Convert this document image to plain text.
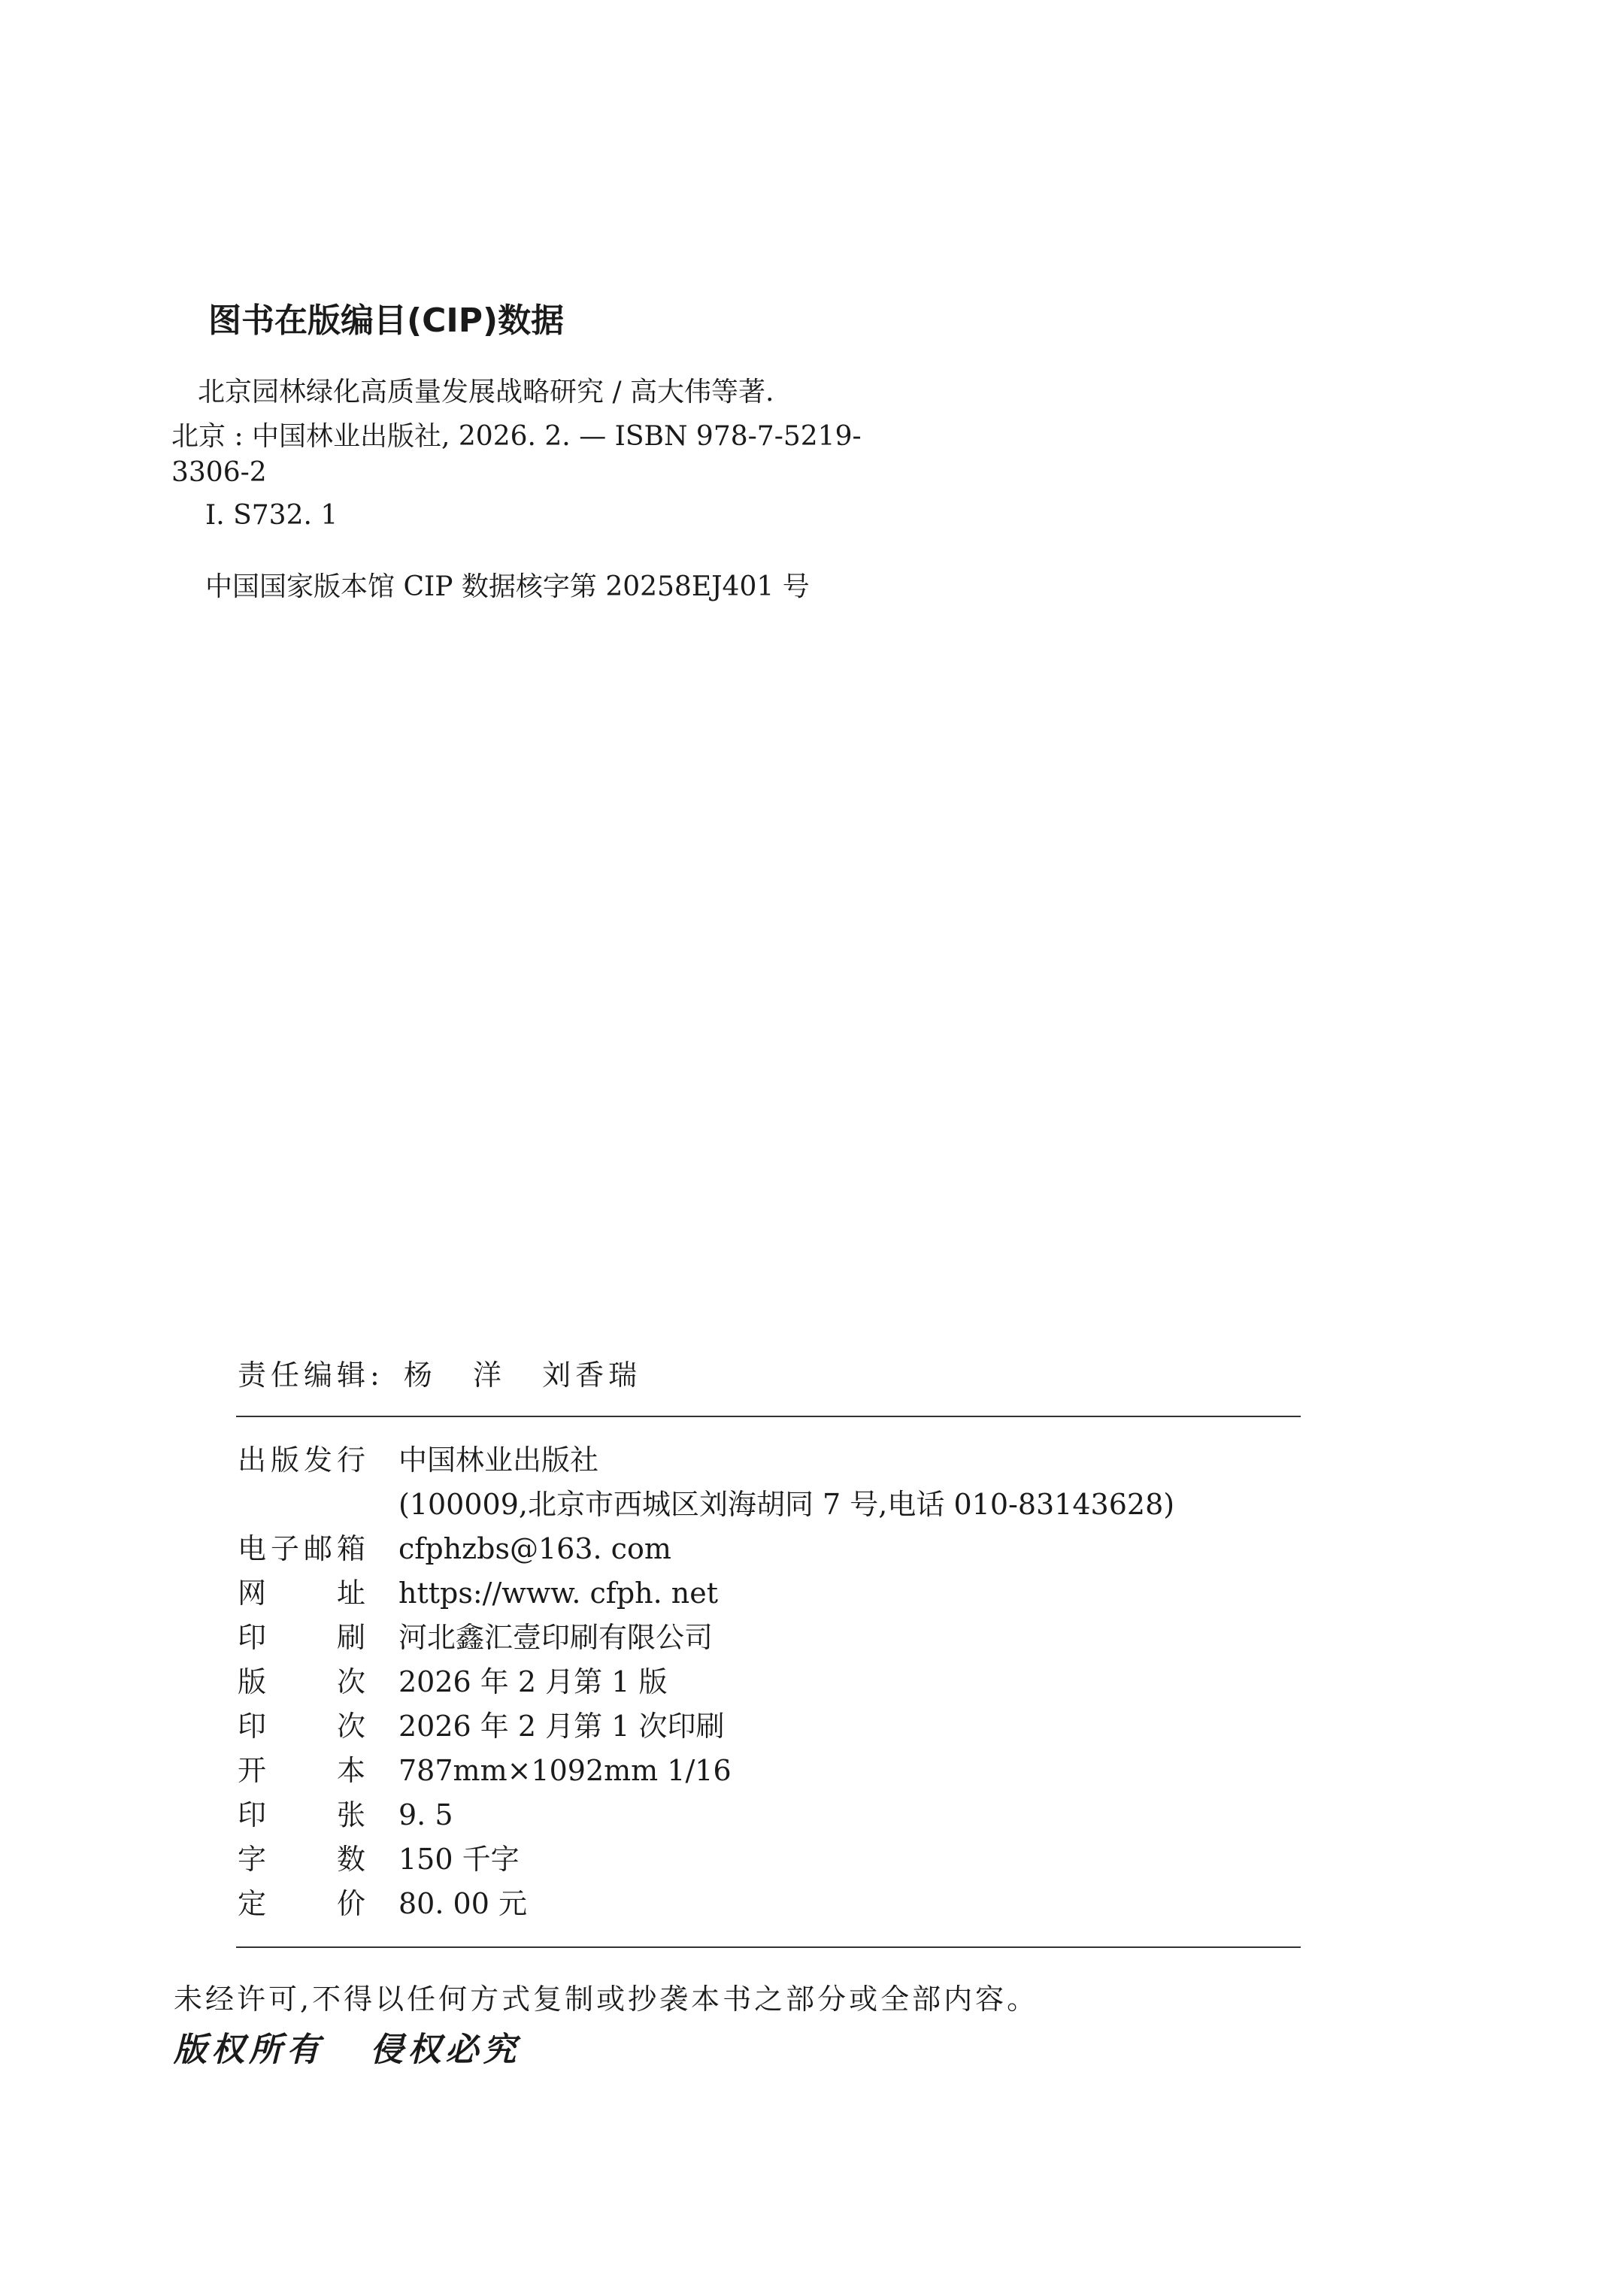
图书在版编目(CIP)数据
北京园林绿化高质量发展战略研究 / 高大伟等著.
北京 : 中国林业出版社, 2026. 2. — ISBN 978-7-5219-
3306-2
Ⅰ. S732. 1
中国国家版本馆 CIP 数据核字第 20258EJ401 号
责任编辑: 杨 洋 刘香瑞
出 版 发 行 中国林业出版社
(100009,北京市西城区刘海胡同 7 号,电话 010-83143628)
电 子 邮 箱 cfphzbs@163. com
网 址 https://www. cfph. net
印 刷 河北鑫汇壹印刷有限公司
版 次 2026 年 2 月第 1 版
印 次 2026 年 2 月第 1 次印刷
开 本 787mm×1092mm 1/16
印 张 9. 5
字 数 150 千字
定 价 80. 00 元
未经许可,不得以任何方式复制或抄袭本书之部分或全部内容。
版权所有 侵权必究
